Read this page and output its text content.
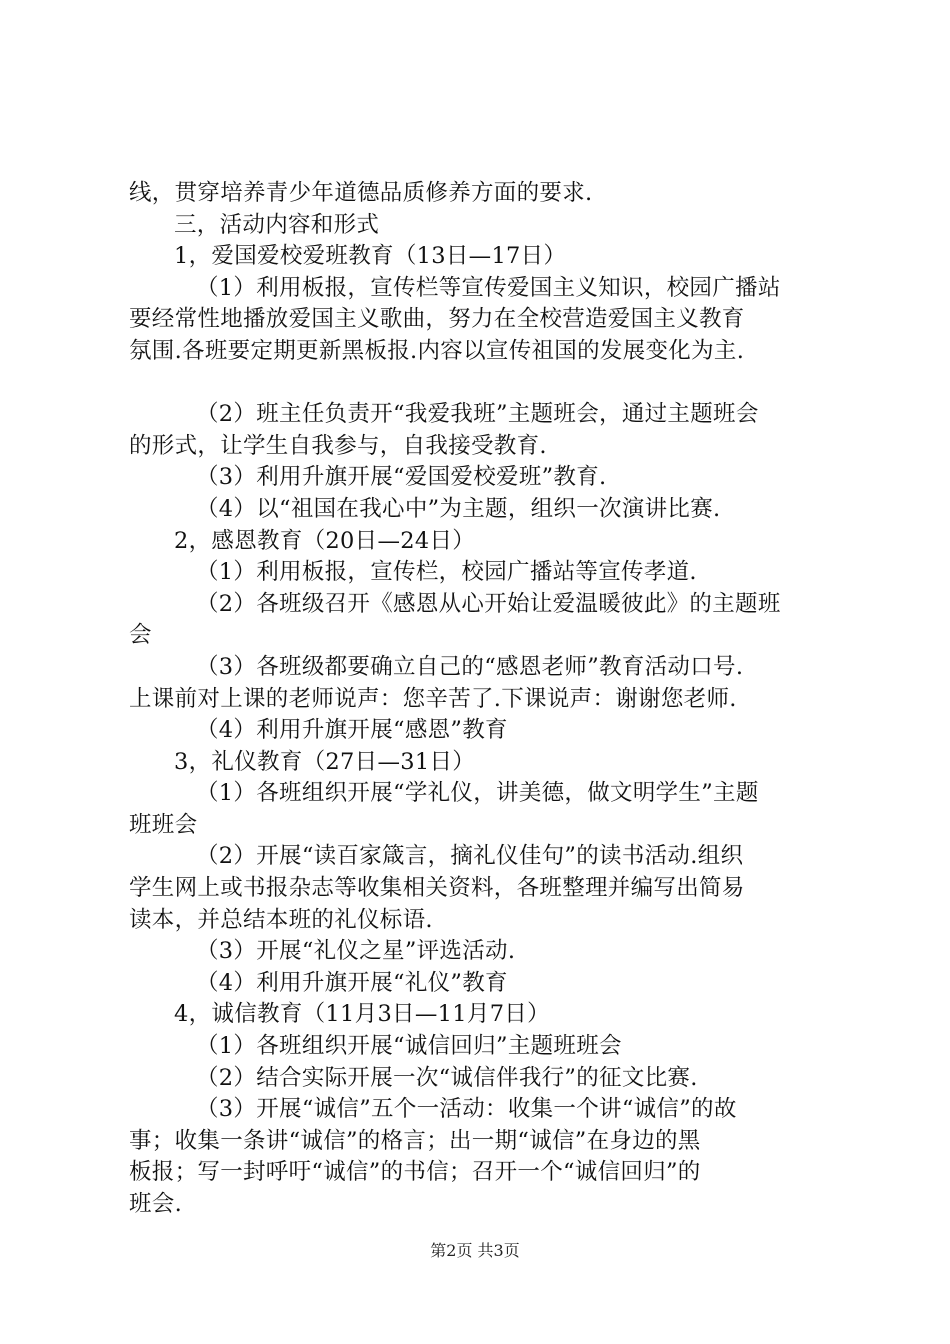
线，贯穿培养青少年道德品质修养方面的要求.
三，活动内容和形式
1，爱国爱校爱班教育（13日—17日）
（1）利用板报，宣传栏等宣传爱国主义知识，校园广播站
要经常性地播放爱国主义歌曲，努力在全校营造爱国主义教育
氛围.各班要定期更新黑板报.内容以宣传祖国的发展变化为主.
（2）班主任负责开“我爱我班”主题班会，通过主题班会
的形式，让学生自我参与，自我接受教育.
（3）利用升旗开展“爱国爱校爱班”教育.
（4）以“祖国在我心中”为主题，组织一次演讲比赛.
2，感恩教育（20日—24日）
（1）利用板报，宣传栏，校园广播站等宣传孝道.
（2）各班级召开《感恩从心开始让爱温暖彼此》的主题班
会
（3）各班级都要确立自己的“感恩老师”教育活动口号.
上课前对上课的老师说声：您辛苦了.下课说声：谢谢您老师.
（4）利用升旗开展“感恩”教育
3，礼仪教育（27日—31日）
（1）各班组织开展“学礼仪，讲美德，做文明学生”主题
班班会
（2）开展“读百家箴言，摘礼仪佳句”的读书活动.组织
学生网上或书报杂志等收集相关资料，各班整理并编写出简易
读本，并总结本班的礼仪标语.
（3）开展“礼仪之星”评选活动.
（4）利用升旗开展“礼仪”教育
4，诚信教育（11月3日—11月7日）
（1）各班组织开展“诚信回归”主题班班会
（2）结合实际开展一次“诚信伴我行”的征文比赛.
（3）开展“诚信”五个一活动：收集一个讲“诚信”的故
事；收集一条讲“诚信”的格言；出一期“诚信”在身边的黑
板报；写一封呼吁“诚信”的书信；召开一个“诚信回归”的
班会.
第2页 共3页
